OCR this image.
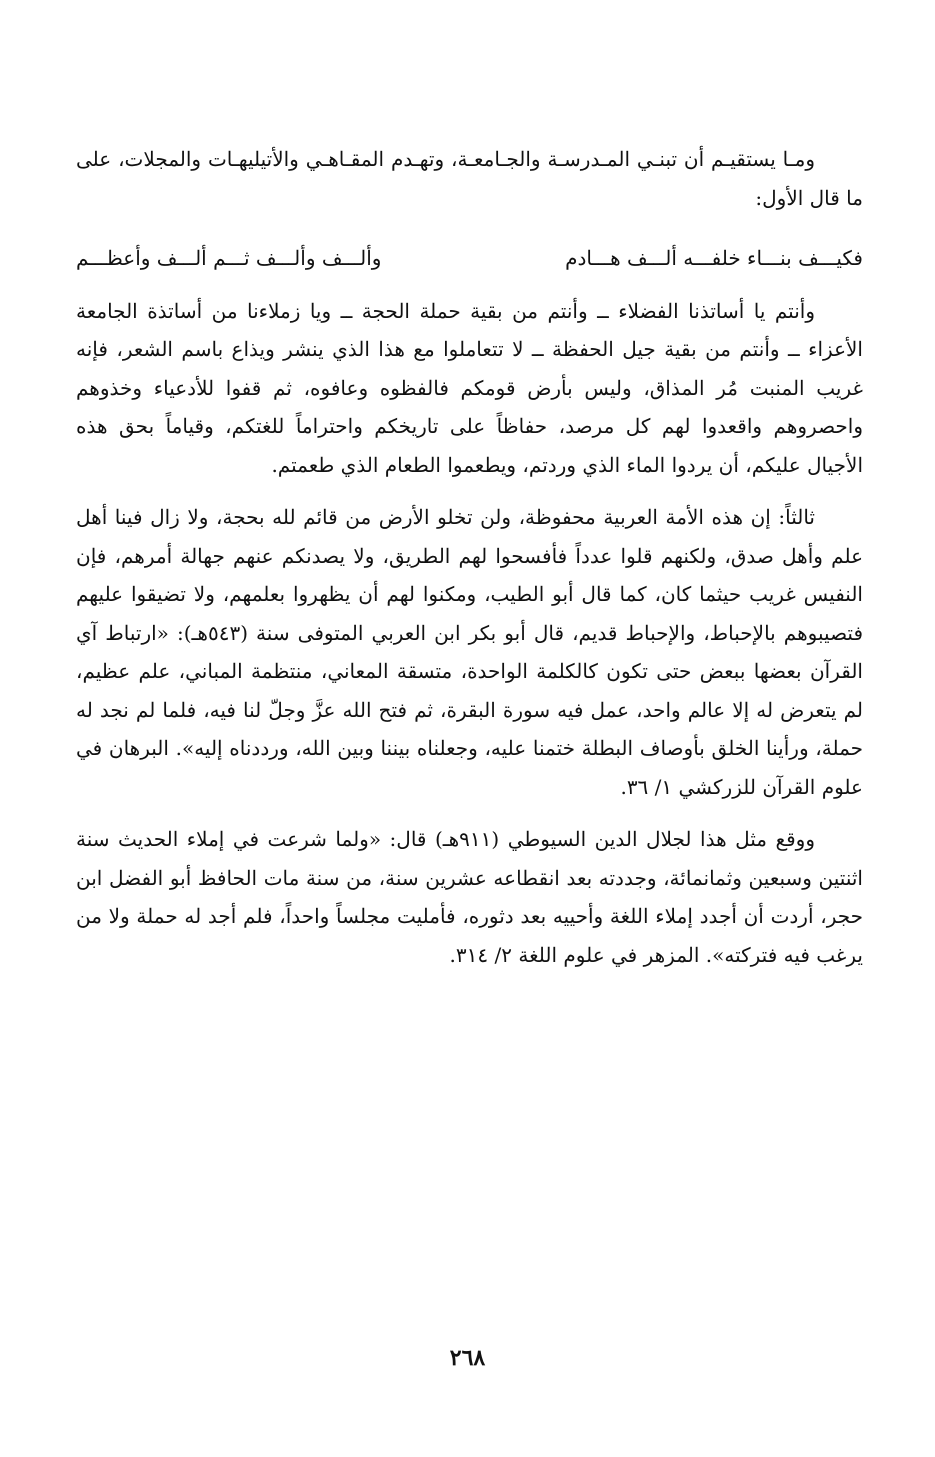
ومـا يستقيـم أن تبنـي المـدرسـة والجـامعـة، وتهـدم المقـاهـي والأتيليهـات والمجلات، على ما قال الأول:

فكيـــف بنـــاء خلفـــه ألـــف هـــادم
وألـــف وألـــف ثـــم ألـــف وأعظـــم

وأنتم يا أساتذنا الفضلاء ــ وأنتم من بقية حملة الحجة ــ ويا زملاءنا من أساتذة الجامعة الأعزاء ــ وأنتم من بقية جيل الحفظة ــ لا تتعاملوا مع هذا الذي ينشر ويذاع باسم الشعر، فإنه غريب المنبت مُر المذاق، وليس بأرض قومكم فالفظوه وعافوه، ثم قفوا للأدعياء وخذوهم واحصروهم واقعدوا لهم كل مرصد، حفاظاً على تاريخكم واحتراماً للغتكم، وقياماً بحق هذه الأجيال عليكم، أن يردوا الماء الذي وردتم، ويطعموا الطعام الذي طعمتم.

ثالثاً: إن هذه الأمة العربية محفوظة، ولن تخلو الأرض من قائم لله بحجة، ولا زال فينا أهل علم وأهل صدق، ولكنهم قلوا عدداً فأفسحوا لهم الطريق، ولا يصدنكم عنهم جهالة أمرهم، فإن النفيس غريب حيثما كان، كما قال أبو الطيب، ومكنوا لهم أن يظهروا بعلمهم، ولا تضيقوا عليهم فتصيبوهم بالإحباط، والإحباط قديم، قال أبو بكر ابن العربي المتوفى سنة (٥٤٣هـ): «ارتباط آي القرآن بعضها ببعض حتى تكون كالكلمة الواحدة، متسقة المعاني، منتظمة المباني، علم عظيم، لم يتعرض له إلا عالم واحد، عمل فيه سورة البقرة، ثم فتح الله عزَّ وجلّ لنا فيه، فلما لم نجد له حملة، ورأينا الخلق بأوصاف البطلة ختمنا عليه، وجعلناه بيننا وبين الله، ورددناه إليه». البرهان في علوم القرآن للزركشي ١/ ٣٦.

ووقع مثل هذا لجلال الدين السيوطي (٩١١هـ) قال: «ولما شرعت في إملاء الحديث سنة اثنتين وسبعين وثمانمائة، وجددته بعد انقطاعه عشرين سنة، من سنة مات الحافظ أبو الفضل ابن حجر، أردت أن أجدد إملاء اللغة وأحييه بعد دثوره، فأمليت مجلساً واحداً، فلم أجد له حملة ولا من يرغب فيه فتركته». المزهر في علوم اللغة ٢/ ٣١٤.

٢٦٨
